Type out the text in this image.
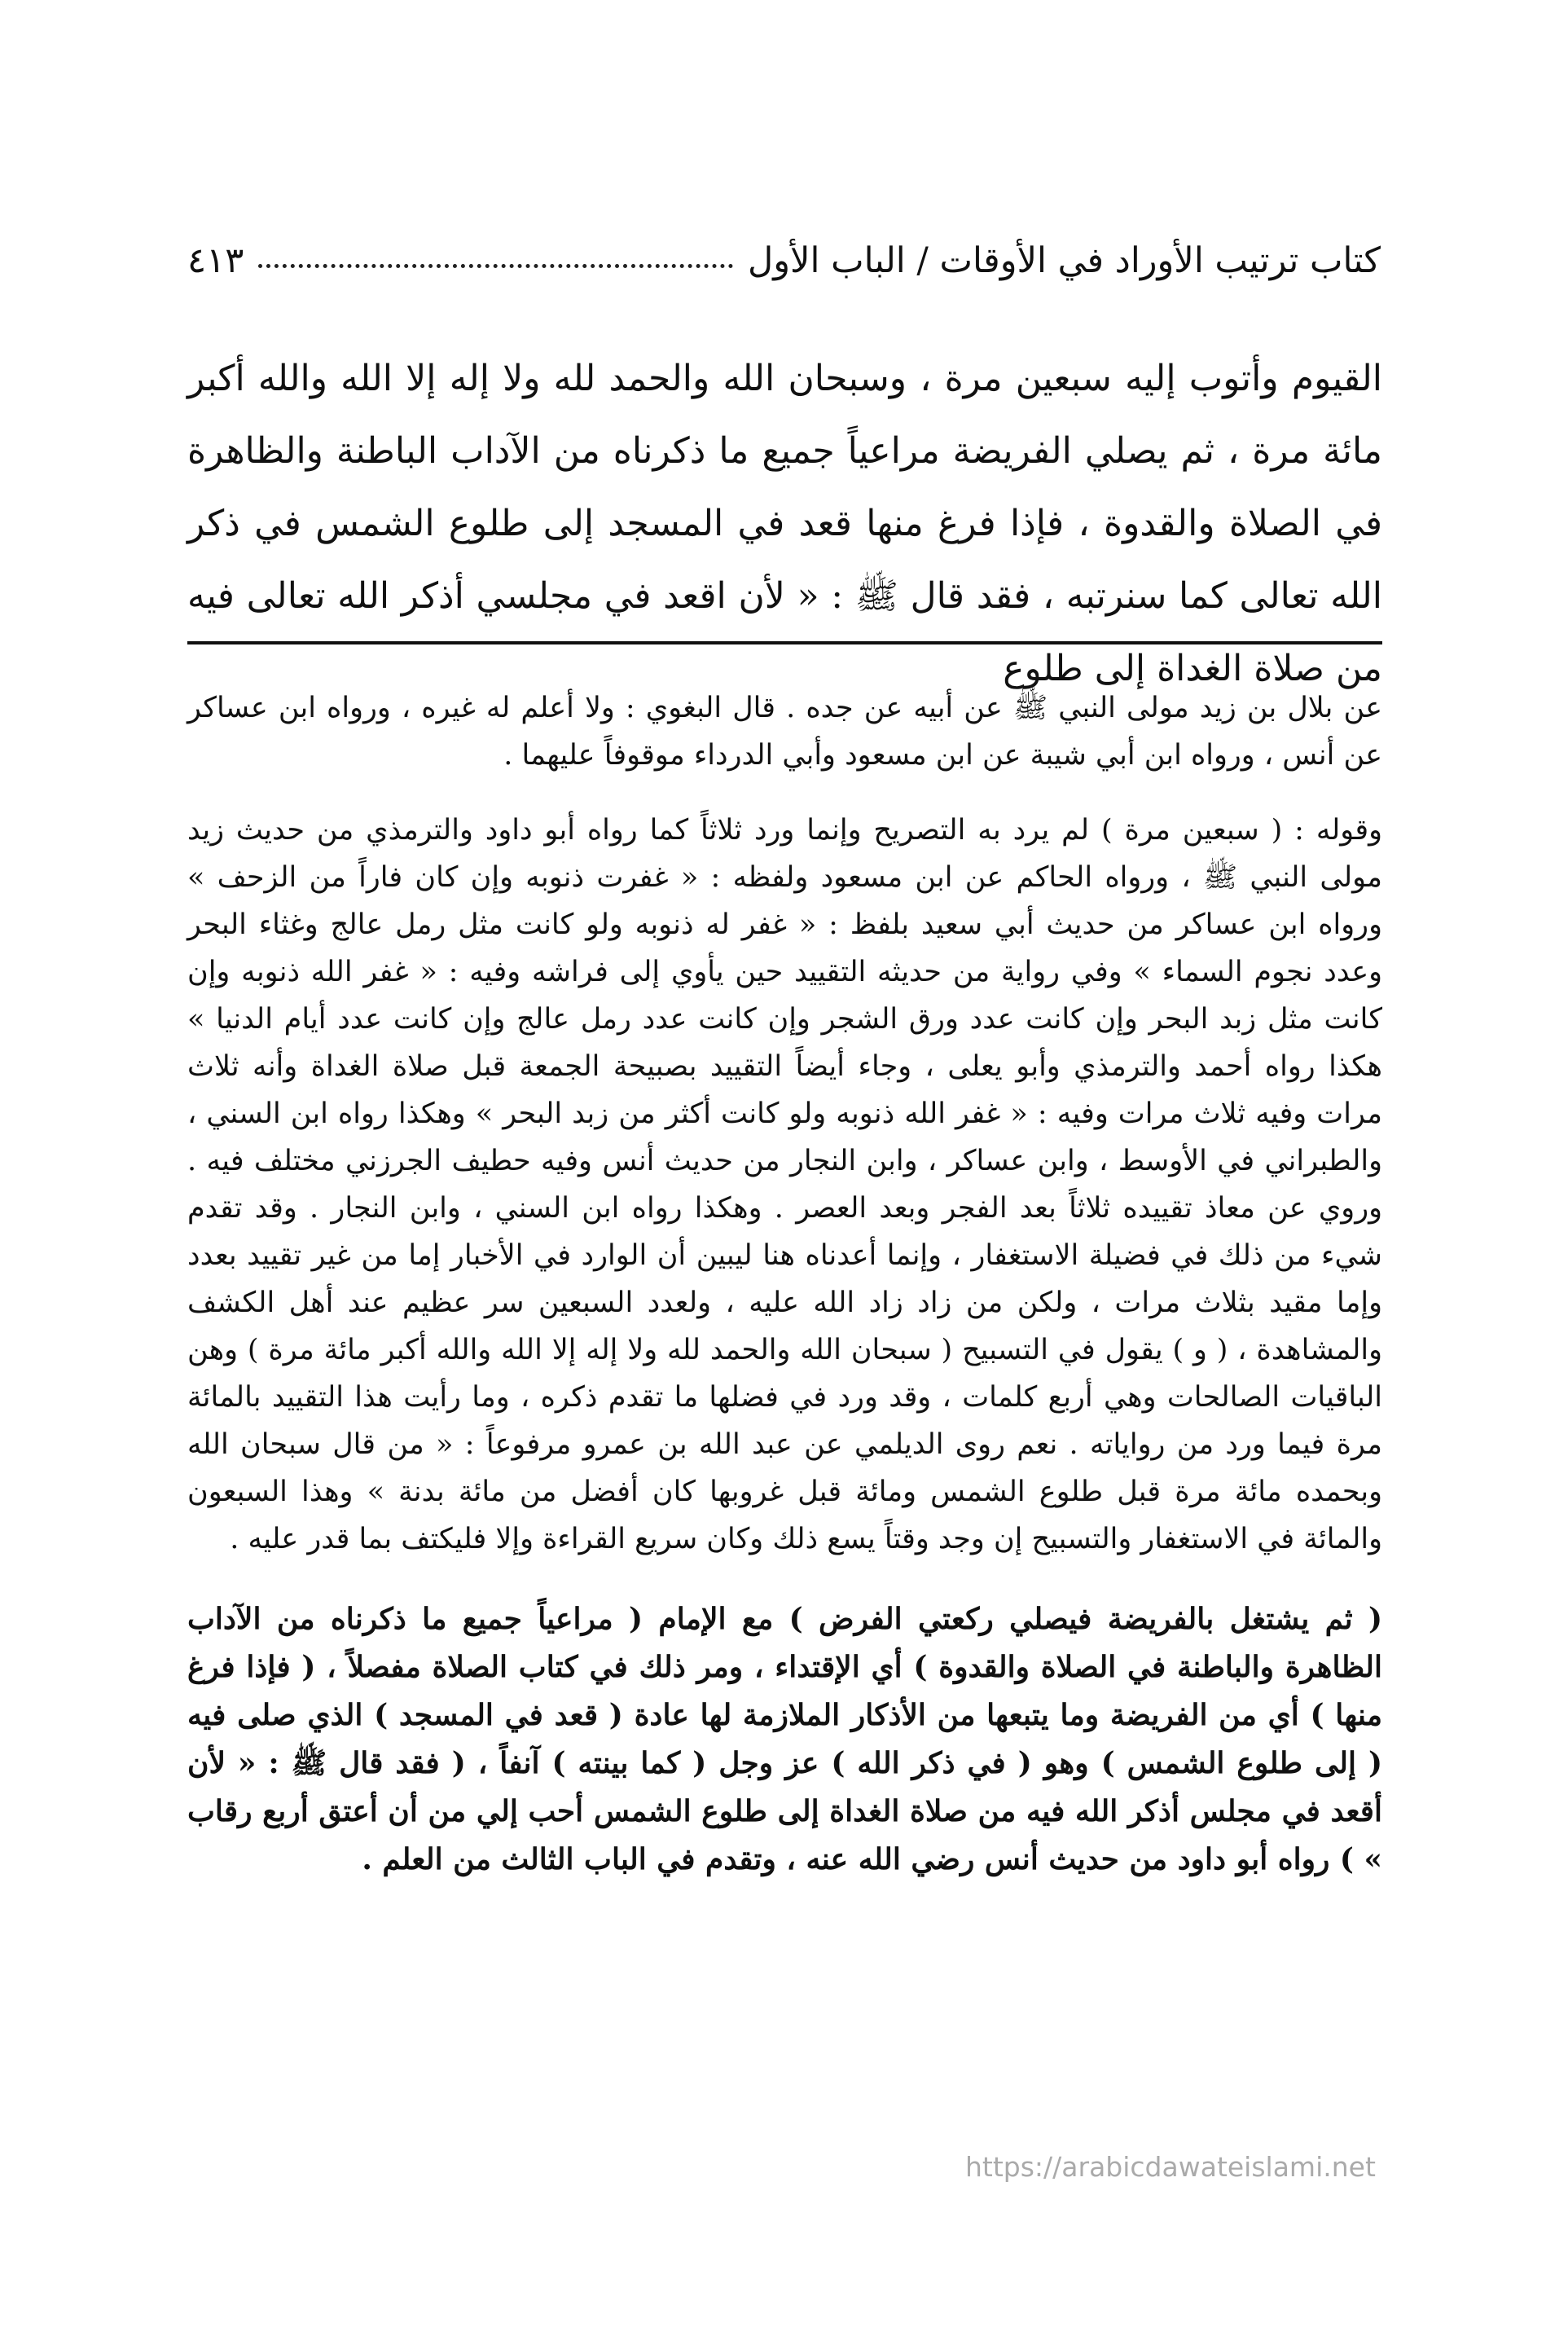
كتاب ترتيب الأوراد في الأوقات / الباب الأول
٤١٣

القيوم وأتوب إليه سبعين مرة ، وسبحان الله والحمد لله ولا إله إلا الله والله أكبر مائة مرة ، ثم يصلي الفريضة مراعياً جميع ما ذكرناه من الآداب الباطنة والظاهرة في الصلاة والقدوة ، فإذا فرغ منها قعد في المسجد إلى طلوع الشمس في ذكر الله تعالى كما سنرتبه ، فقد قال ﷺ : « لأن اقعد في مجلسي أذكر الله تعالى فيه من صلاة الغداة إلى طلوع

عن بلال بن زيد مولى النبي ﷺ عن أبيه عن جده . قال البغوي : ولا أعلم له غيره ، ورواه ابن عساكر عن أنس ، ورواه ابن أبي شيبة عن ابن مسعود وأبي الدرداء موقوفاً عليهما .

وقوله : ( سبعين مرة ) لم يرد به التصريح وإنما ورد ثلاثاً كما رواه أبو داود والترمذي من حديث زيد مولى النبي ﷺ ، ورواه الحاكم عن ابن مسعود ولفظه : « غفرت ذنوبه وإن كان فاراً من الزحف » ورواه ابن عساكر من حديث أبي سعيد بلفظ : « غفر له ذنوبه ولو كانت مثل رمل عالج وغثاء البحر وعدد نجوم السماء » وفي رواية من حديثه التقييد حين يأوي إلى فراشه وفيه : « غفر الله ذنوبه وإن كانت مثل زبد البحر وإن كانت عدد ورق الشجر وإن كانت عدد رمل عالج وإن كانت عدد أيام الدنيا » هكذا رواه أحمد والترمذي وأبو يعلى ، وجاء أيضاً التقييد بصبيحة الجمعة قبل صلاة الغداة وأنه ثلاث مرات وفيه ثلاث مرات وفيه : « غفر الله ذنوبه ولو كانت أكثر من زبد البحر » وهكذا رواه ابن السني ، والطبراني في الأوسط ، وابن عساكر ، وابن النجار من حديث أنس وفيه حطيف الجرزني مختلف فيه . وروي عن معاذ تقييده ثلاثاً بعد الفجر وبعد العصر . وهكذا رواه ابن السني ، وابن النجار . وقد تقدم شيء من ذلك في فضيلة الاستغفار ، وإنما أعدناه هنا ليبين أن الوارد في الأخبار إما من غير تقييد بعدد وإما مقيد بثلاث مرات ، ولكن من زاد زاد الله عليه ، ولعدد السبعين سر عظيم عند أهل الكشف والمشاهدة ، ( و ) يقول في التسبيح ( سبحان الله والحمد لله ولا إله إلا الله والله أكبر مائة مرة ) وهن الباقيات الصالحات وهي أربع كلمات ، وقد ورد في فضلها ما تقدم ذكره ، وما رأيت هذا التقييد بالمائة مرة فيما ورد من رواياته . نعم روى الديلمي عن عبد الله بن عمرو مرفوعاً : « من قال سبحان الله وبحمده مائة مرة قبل طلوع الشمس ومائة قبل غروبها كان أفضل من مائة بدنة » وهذا السبعون والمائة في الاستغفار والتسبيح إن وجد وقتاً يسع ذلك وكان سريع القراءة وإلا فليكتف بما قدر عليه .

( ثم يشتغل بالفريضة فيصلي ركعتي الفرض ) مع الإمام ( مراعياً جميع ما ذكرناه من الآداب الظاهرة والباطنة في الصلاة والقدوة ) أي الإقتداء ، ومر ذلك في كتاب الصلاة مفصلاً ، ( فإذا فرغ منها ) أي من الفريضة وما يتبعها من الأذكار الملازمة لها عادة ( قعد في المسجد ) الذي صلى فيه ( إلى طلوع الشمس ) وهو ( في ذكر الله ) عز وجل ( كما بينته ) آنفاً ، ( فقد قال ﷺ : « لأن أقعد في مجلس أذكر الله فيه من صلاة الغداة إلى طلوع الشمس أحب إلي من أن أعتق أربع رقاب » ) رواه أبو داود من حديث أنس رضي الله عنه ، وتقدم في الباب الثالث من العلم .

https://arabicdawateislami.net
